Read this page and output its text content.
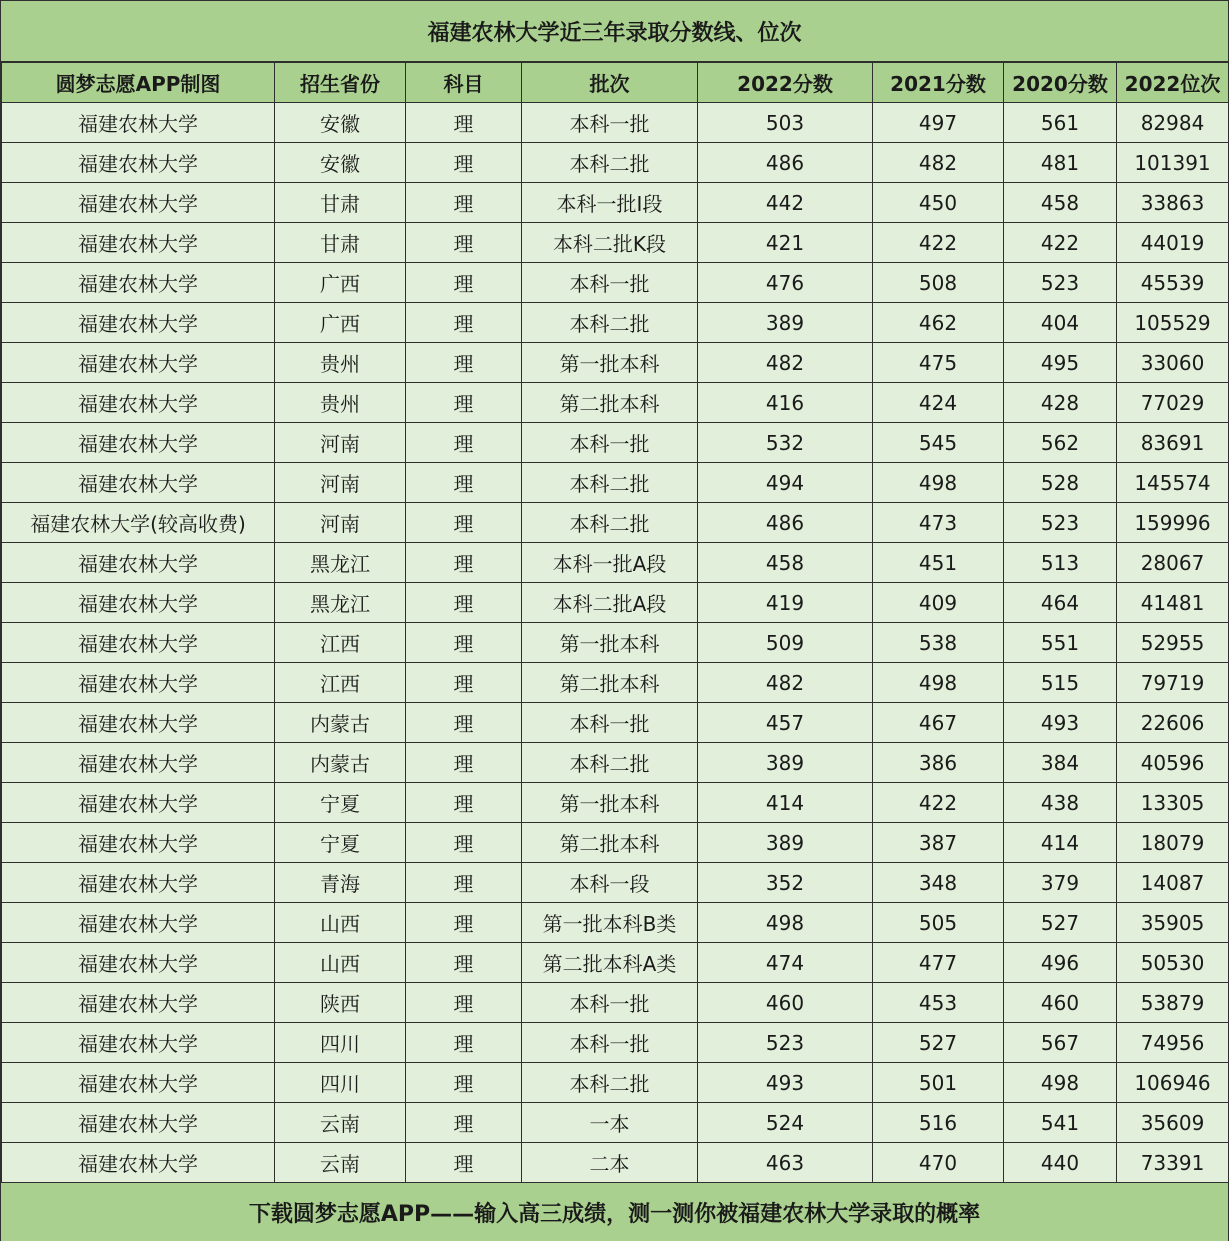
福建农林大学近三年录取分数线、位次
圆梦志愿APP制图	招生省份	科目	批次	2022分数	2021分数	2020分数	2022位次
福建农林大学	安徽	理	本科一批	503	497	561	82984
福建农林大学	安徽	理	本科二批	486	482	481	101391
福建农林大学	甘肃	理	本科一批I段	442	450	458	33863
福建农林大学	甘肃	理	本科二批K段	421	422	422	44019
福建农林大学	广西	理	本科一批	476	508	523	45539
福建农林大学	广西	理	本科二批	389	462	404	105529
福建农林大学	贵州	理	第一批本科	482	475	495	33060
福建农林大学	贵州	理	第二批本科	416	424	428	77029
福建农林大学	河南	理	本科一批	532	545	562	83691
福建农林大学	河南	理	本科二批	494	498	528	145574
福建农林大学(较高收费)	河南	理	本科二批	486	473	523	159996
福建农林大学	黑龙江	理	本科一批A段	458	451	513	28067
福建农林大学	黑龙江	理	本科二批A段	419	409	464	41481
福建农林大学	江西	理	第一批本科	509	538	551	52955
福建农林大学	江西	理	第二批本科	482	498	515	79719
福建农林大学	内蒙古	理	本科一批	457	467	493	22606
福建农林大学	内蒙古	理	本科二批	389	386	384	40596
福建农林大学	宁夏	理	第一批本科	414	422	438	13305
福建农林大学	宁夏	理	第二批本科	389	387	414	18079
福建农林大学	青海	理	本科一段	352	348	379	14087
福建农林大学	山西	理	第一批本科B类	498	505	527	35905
福建农林大学	山西	理	第二批本科A类	474	477	496	50530
福建农林大学	陕西	理	本科一批	460	453	460	53879
福建农林大学	四川	理	本科一批	523	527	567	74956
福建农林大学	四川	理	本科二批	493	501	498	106946
福建农林大学	云南	理	一本	524	516	541	35609
福建农林大学	云南	理	二本	463	470	440	73391
下载圆梦志愿APP——输入高三成绩，测一测你被福建农林大学录取的概率
